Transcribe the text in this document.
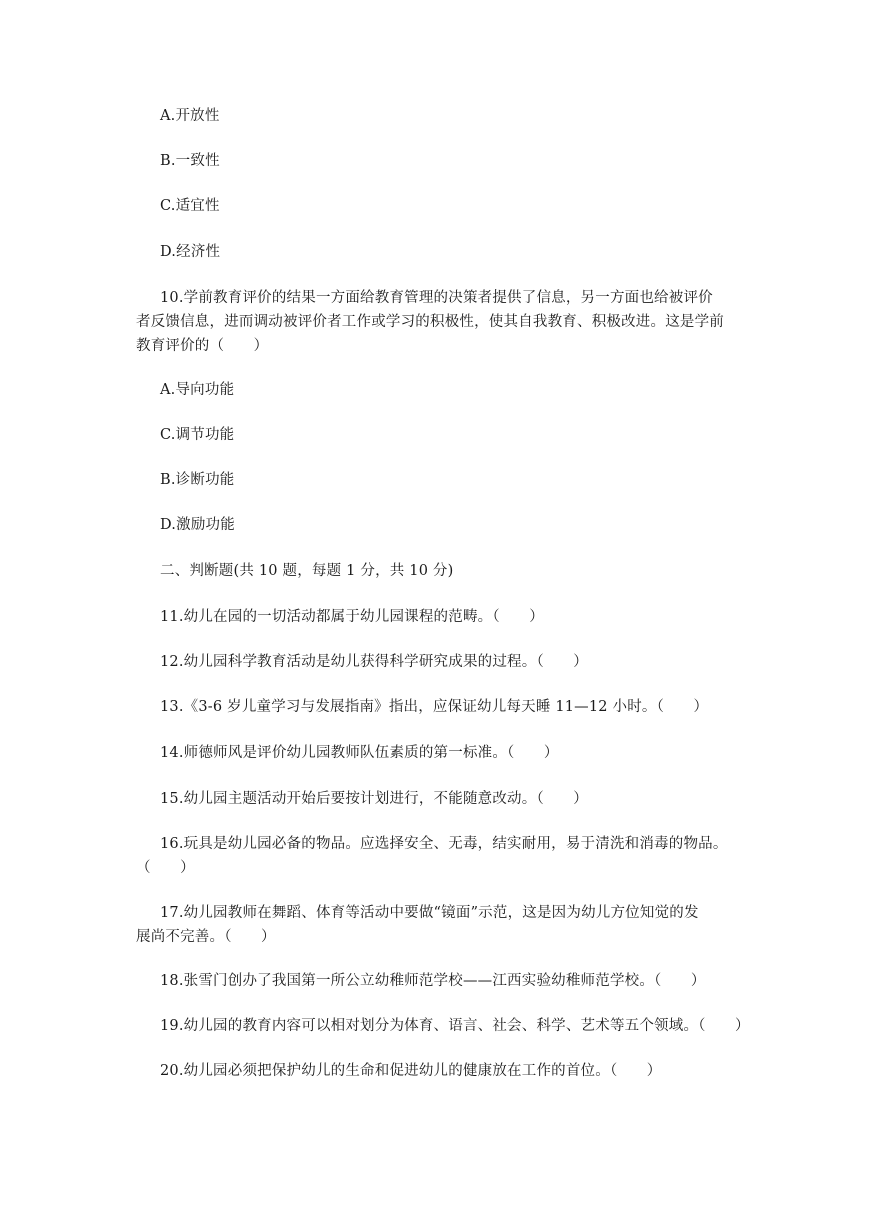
A.开放性
B.一致性
C.适宜性
D.经济性
10.学前教育评价的结果一方面给教育管理的决策者提供了信息，另一方面也给被评价
者反馈信息，进而调动被评价者工作或学习的积极性，使其自我教育、积极改进。这是学前
教育评价的（　　）
A.导向功能
C.调节功能
B.诊断功能
D.激励功能
二、判断题(共 10 题，每题 1 分，共 10 分)
11.幼儿在园的一切活动都属于幼儿园课程的范畴。（　　）
12.幼儿园科学教育活动是幼儿获得科学研究成果的过程。（　　）
13.《3-6 岁儿童学习与发展指南》指出，应保证幼儿每天睡 11—12 小时。（　　）
14.师德师风是评价幼儿园教师队伍素质的第一标准。（　　）
15.幼儿园主题活动开始后要按计划进行，不能随意改动。（　　）
16.玩具是幼儿园必备的物品。应选择安全、无毒，结实耐用，易于清洗和消毒的物品。
（　　）
17.幼儿园教师在舞蹈、体育等活动中要做“镜面”示范，这是因为幼儿方位知觉的发
展尚不完善。（　　）
18.张雪门创办了我国第一所公立幼稚师范学校——江西实验幼稚师范学校。（　　）
19.幼儿园的教育内容可以相对划分为体育、语言、社会、科学、艺术等五个领域。（　　）
20.幼儿园必须把保护幼儿的生命和促进幼儿的健康放在工作的首位。（　　）
